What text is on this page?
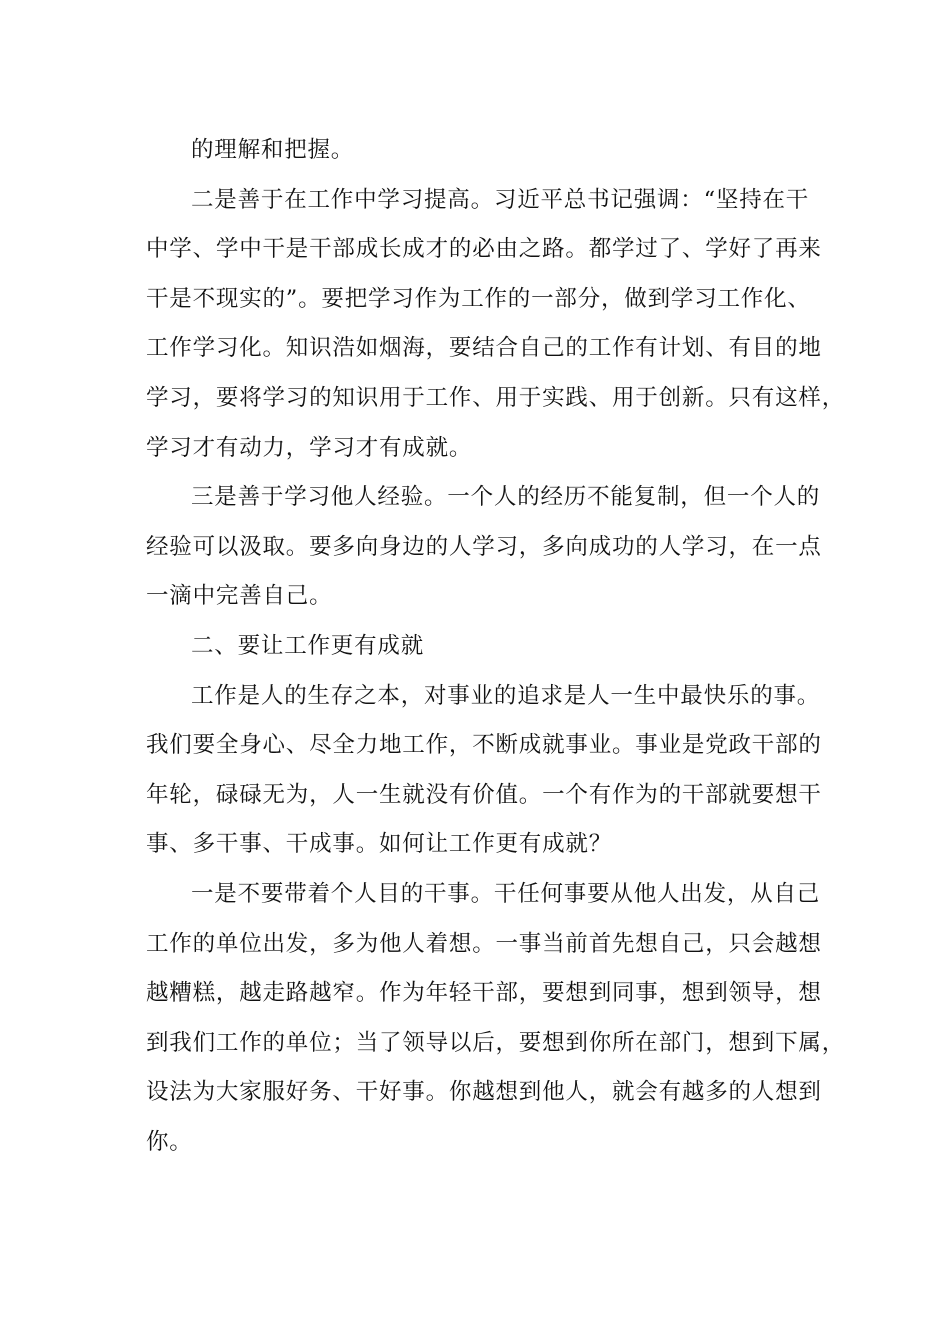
的理解和把握。
二是善于在工作中学习提高。习近平总书记强调：“坚持在干
中学、学中干是干部成长成才的必由之路。都学过了、学好了再来
干是不现实的”。要把学习作为工作的一部分，做到学习工作化、
工作学习化。知识浩如烟海，要结合自己的工作有计划、有目的地
学习，要将学习的知识用于工作、用于实践、用于创新。只有这样，
学习才有动力，学习才有成就。
三是善于学习他人经验。一个人的经历不能复制，但一个人的
经验可以汲取。要多向身边的人学习，多向成功的人学习，在一点
一滴中完善自己。
二、要让工作更有成就
工作是人的生存之本，对事业的追求是人一生中最快乐的事。
我们要全身心、尽全力地工作，不断成就事业。事业是党政干部的
年轮，碌碌无为，人一生就没有价值。一个有作为的干部就要想干
事、多干事、干成事。如何让工作更有成就？
一是不要带着个人目的干事。干任何事要从他人出发，从自己
工作的单位出发，多为他人着想。一事当前首先想自己，只会越想
越糟糕，越走路越窄。作为年轻干部，要想到同事，想到领导，想
到我们工作的单位；当了领导以后，要想到你所在部门，想到下属，
设法为大家服好务、干好事。你越想到他人，就会有越多的人想到
你。
